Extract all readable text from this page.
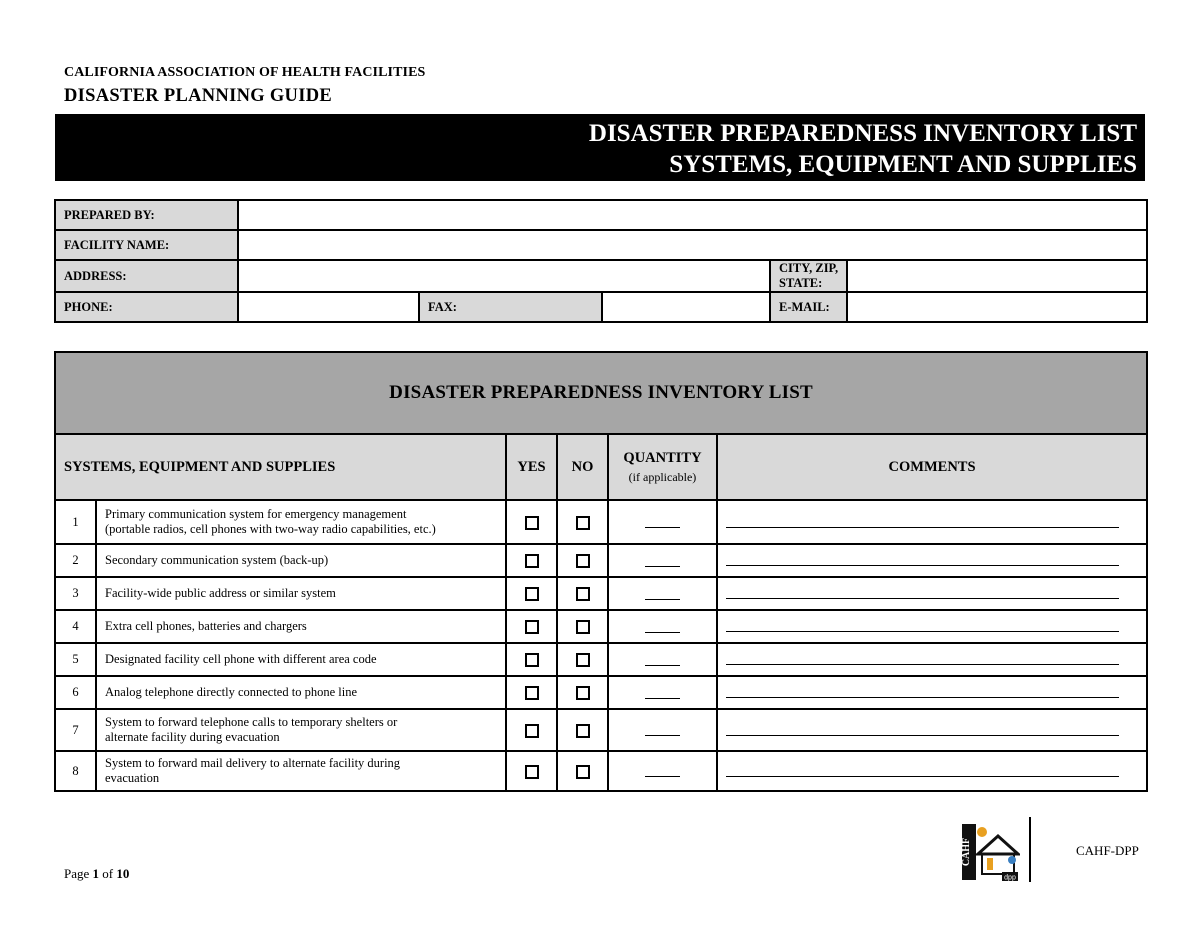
CALIFORNIA ASSOCIATION OF HEALTH FACILITIES
DISASTER PLANNING GUIDE
DISASTER PREPAREDNESS INVENTORY LIST
SYSTEMS, EQUIPMENT AND SUPPLIES
PREPARED BY:					
FACILITY NAME:					
ADDRESS:				CITY, ZIP, STATE:	
PHONE:		FAX:		E-MAIL:	
DISASTER PREPAREDNESS INVENTORY LIST					
SYSTEMS, EQUIPMENT AND SUPPLIES		YES	NO	QUANTITY
(if applicable)	COMMENTS
1	Primary communication system for emergency management
(portable radios, cell phones with two-way radio capabilities, etc.)				

2	Secondary communication system (back-up)				

3	Facility-wide public address or similar system				

4	Extra cell phones, batteries and chargers				

5	Designated facility cell phone with different area code				

6	Analog telephone directly connected to phone line				

7	System to forward telephone calls to temporary shelters or
alternate facility during evacuation				

8	System to forward mail delivery to alternate facility during
evacuation				

Page 1 of 10
CAHF
dpp
CAHF-DPP
